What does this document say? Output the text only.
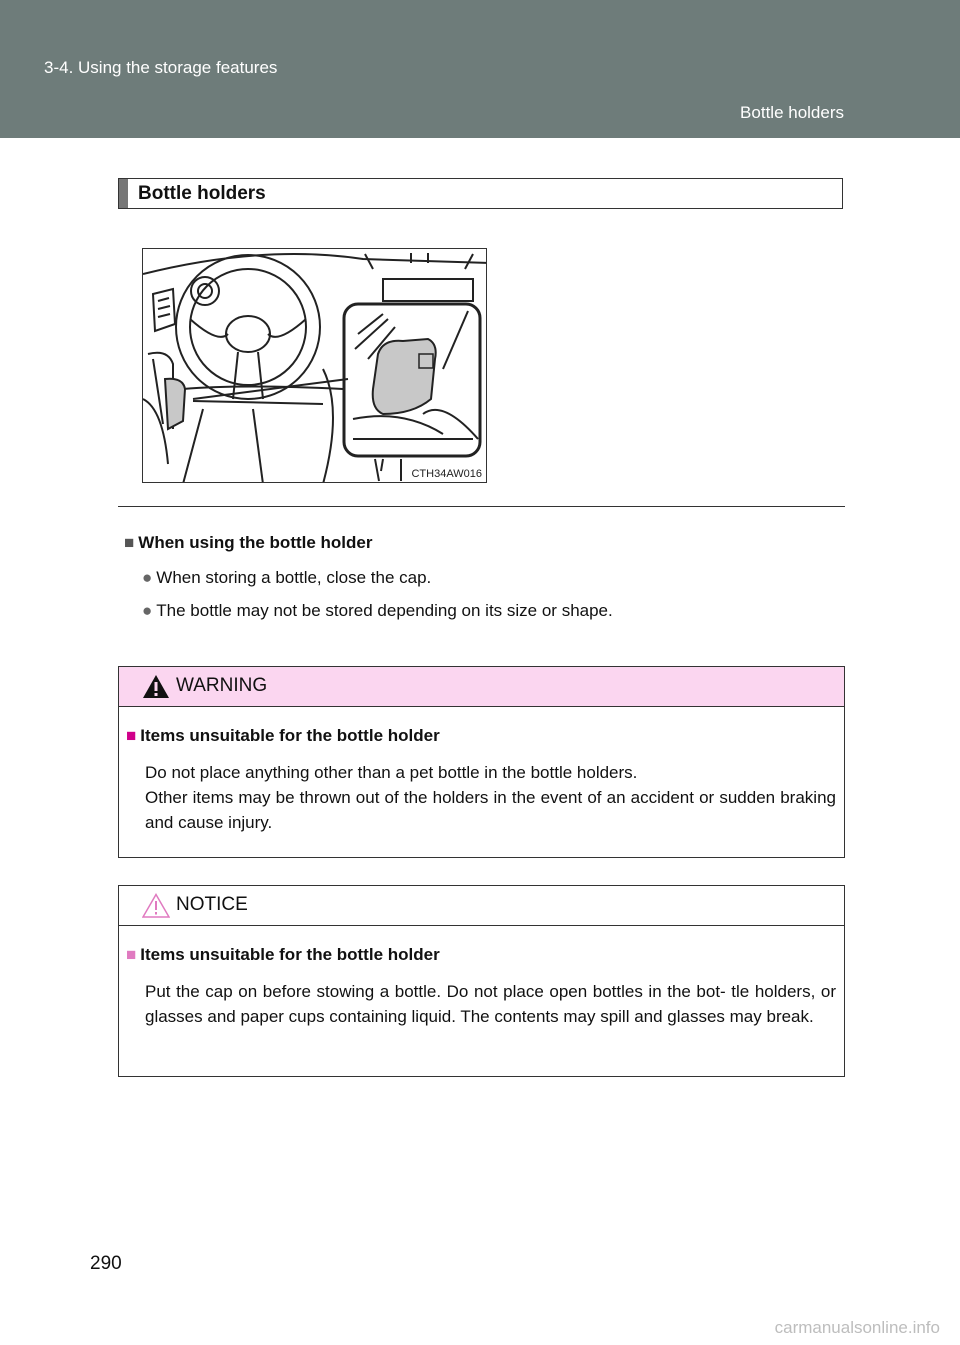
3-4. Using the storage features
Bottle holders
Bottle holders
CTH34AW016
■ When using the bottle holder
● When storing a bottle, close the cap.
● The bottle may not be stored depending on its size or shape.
WARNING
■ Items unsuitable for the bottle holder
Do not place anything other than a pet bottle in the bottle holders.
Other items may be thrown out of the holders in the event of an accident or sudden braking and cause injury.
NOTICE
■ Items unsuitable for the bottle holder
Put the cap on before stowing a bottle. Do not place open bottles in the bot- tle holders, or glasses and paper cups containing liquid. The contents may spill and glasses may break.
290
carmanualsonline.info
